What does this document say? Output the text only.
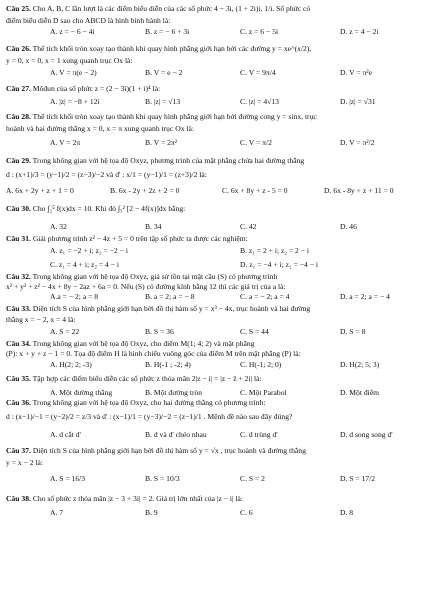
Câu 25. Cho A, B, C lần lượt là các điểm biểu diễn của các số phức 4 − 3i, (1 + 2i)i, 1/i. Số phức có
điểm biểu diễn D sao cho ABCD là hình bình hành là:
A. z = − 6 − 4i	B. z = − 6 + 3i	C. z = 6 − 5i	D. z = 4 − 2i
Câu 26. Thể tích khối tròn xoay tạo thành khi quay hình phẳng giới hạn bởi các đường y = xe^(x/2),
y = 0, x = 0, x = 1 xung quanh trục Ox là:
A. V = π(e − 2)	B. V = e − 2	C. V = 9π/4	D. V = π²e
Câu 27. Môđun của số phức z = (2 − 3i)(1 + i)⁴ là:
A. |z| = −8 + 12i	B. |z| = √13	C. |z| = 4√13	D. |z| = √31
Câu 28. Thể tích khối tròn xoay tạo thành khi quay hình phẳng giới hạn bởi đường cong y = sinx, trục
hoành và hai đường thẳng x = 0, x = π xung quanh trục Ox là:
A. V = 2π	B. V = 2π²	C. V = π/2	D. V = π²/2
Câu 29. Trong không gian với hệ tọa độ Oxyz, phương trình của mặt phẳng chứa hai đường thẳng
d : (x+1)/3 = (y−1)/2 = (z−3)/−2 và d' : x/1 = (y−1)/1 = (z+3)/2 là:
A. 6x + 2y + z + 1 = 0	B. 6x - 2y + 2z + 2 = 0	C. 6x + 8y + z - 5 = 0	D. 6x - 8y + z + 11 = 0
Câu 30. Cho ∫₂⁵ f(x)dx = 10. Khi đó ∫₅² [2 − 4f(x)]dx bằng:
A. 32	B. 34	C. 42	D. 46
Câu 31. Giải phương trình z² − 4z + 5 = 0 trên tập số phức ta được các nghiệm:
A. z₁ = −2 + i; z₂ = −2 − i	B. z₁ = 2 + i; z₂ = 2 − i
C. z₁ = 4 + i; z₂ = 4 − i	D. z₁ = −4 + i; z₂ = −4 − i
Câu 32. Trong không gian với hệ tọa độ Oxyz, giả sử tồn tại mặt cầu (S) có phương trình
x² + y² + z² − 4x + 8y − 2az + 6a = 0. Nếu (S) có đường kính bằng 12 thì các giá trị của a là:
A.a = − 2; a = 8	B. a = 2; a = − 8	C. a = − 2; a = 4	D. a = 2; a = − 4
Câu 33. Diện tích S của hình phẳng giới hạn bởi đồ thị hàm số y = x³ − 4x, trục hoành và hai đường
thẳng x = − 2, x = 4 là:
A. S = 22	B. S = 36	C. S = 44	D. S = 8
Câu 34. Trong không gian với hệ tọa độ Oxyz, cho điểm M(1; 4; 2) và mặt phẳng
(P): x + y + z − 1 = 0. Tọa độ điểm H là hình chiếu vuông góc của điểm M trên mặt phẳng (P) là:
A. H(2; 2; -3)	B. H(-1 ; -2; 4)	C. H(-1; 2; 0)	D. H(2; 5; 3)
Câu 35. Tập hợp các điểm biểu diễn các số phức z thỏa mãn 2|z − i| = |z − z̄ + 2i| là:
A. Một đường thẳng	B. Một đường tròn	C. Một Parabol	D. Một điểm
Câu 36. Trong không gian với hệ tọa độ Oxyz, cho hai đường thẳng có phương trình:
d : (x−1)/−1 = (y−2)/2 = z/3 và d' : (x−1)/1 = (y−3)/−2 = (z−1)/1 . Mệnh đề nào sau đây đúng?
A. d cắt d'	B. d và d' chéo nhau	C. d trùng d'	D. d song song d'
Câu 37. Diện tích S của hình phẳng giới hạn bởi đồ thị hàm số y = √x , trục hoành và đường thẳng
y = x − 2 là:
A. S = 16/3	B. S = 10/3	C. S = 2	D. S = 17/2
Câu 38. Cho số phức z thỏa mãn |z − 3 + 3i| = 2. Giá trị lớn nhất của |z − i| là:
A. 7	B. 9	C. 6	D. 8
